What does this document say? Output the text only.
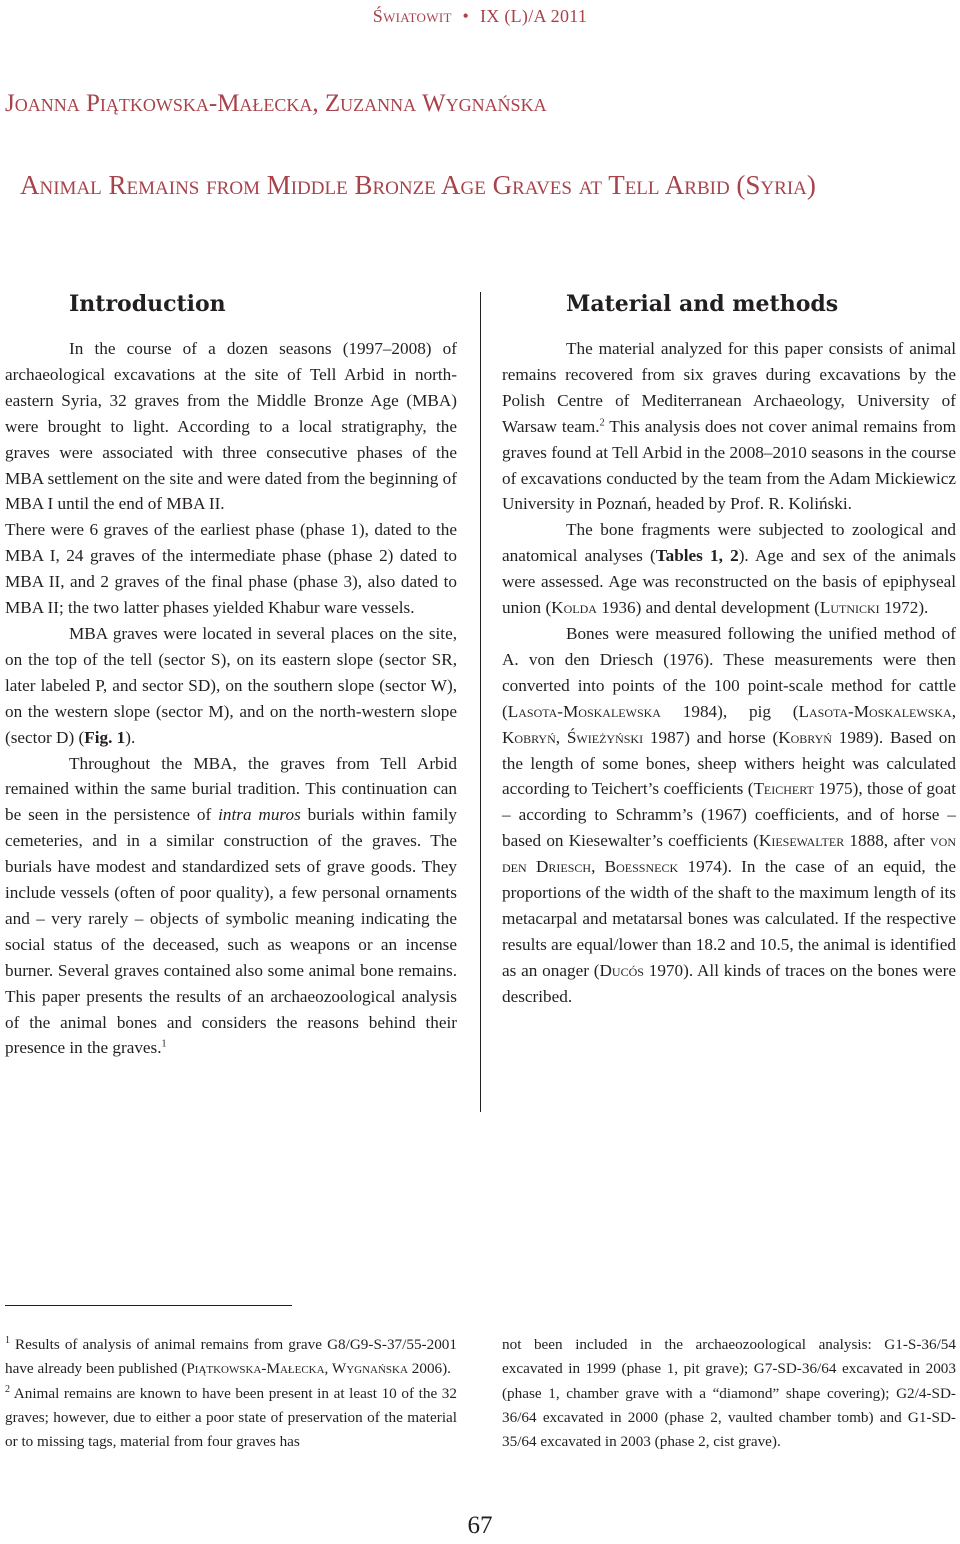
Światowit • IX (L)/A 2011
Joanna Piątkowska-Małecka, Zuzanna Wygnańska
Animal Remains from Middle Bronze Age Graves at Tell Arbid (Syria)
Introduction

In the course of a dozen seasons (1997–2008) of archaeological excavations at the site of Tell Arbid in north-eastern Syria, 32 graves from the Middle Bronze Age (MBA) were brought to light. According to a local stratigraphy, the graves were associated with three consecutive phases of the MBA settlement on the site and were dated from the beginning of MBA I until the end of MBA II.

There were 6 graves of the earliest phase (phase 1), dated to the MBA I, 24 graves of the intermediate phase (phase 2) dated to MBA II, and 2 graves of the final phase (phase 3), also dated to MBA II; the two latter phases yielded Khabur ware vessels.

MBA graves were located in several places on the site, on the top of the tell (sector S), on its eastern slope (sector SR, later labeled P, and sector SD), on the southern slope (sector W), on the western slope (sector M), and on the north-western slope (sector D) (Fig. 1).

Throughout the MBA, the graves from Tell Arbid remained within the same burial tradition. This continuation can be seen in the persistence of intra muros burials within family cemeteries, and in a similar construction of the graves. The burials have modest and standardized sets of grave goods. They include vessels (often of poor quality), a few personal ornaments and – very rarely – objects of symbolic meaning indicating the social status of the deceased, such as weapons or an incense burner. Several graves contained also some animal bone remains. This paper presents the results of an archaeozoological analysis of the animal bones and considers the reasons behind their presence in the graves.$^1$

Material and methods

The material analyzed for this paper consists of animal remains recovered from six graves during excavations by the Polish Centre of Mediterranean Archaeology, University of Warsaw team.$^2$ This analysis does not cover animal remains from graves found at Tell Arbid in the 2008–2010 seasons in the course of excavations conducted by the team from the Adam Mickiewicz University in Poznań, headed by Prof. R. Koliński.

The bone fragments were subjected to zoological and anatomical analyses (Tables 1, 2). Age and sex of the animals were assessed. Age was reconstructed on the basis of epiphyseal union (Kolda 1936) and dental development (Lutnicki 1972).

Bones were measured following the unified method of A. von den Driesch (1976). These measurements were then converted into points of the 100 point-scale method for cattle (Lasota-Moskalewska 1984), pig (Lasota-Moskalewska, Kobryń, Świeżyński 1987) and horse (Kobryń 1989). Based on the length of some bones, sheep withers height was calculated according to Teichert’s coefficients (Teichert 1975), those of goat – according to Schramm’s (1967) coefficients, and of horse – based on Kiesewalter’s coefficients (Kiesewalter 1888, after von den Driesch, Boessneck 1974). In the case of an equid, the proportions of the width of the shaft to the maximum length of its metacarpal and metatarsal bones was calculated. If the respective results are equal/lower than 18.2 and 10.5, the animal is identified as an onager (Ducós 1970). All kinds of traces on the bones were described.

$^1$ Results of analysis of animal remains from grave G8/G9-S-37/55-2001 have already been published (Piątkowska-Małecka, Wygnańska 2006).

$^2$ Animal remains are known to have been present in at least 10 of the 32 graves; however, due to either a poor state of preservation of the material or to missing tags, material from four graves has

not been included in the archaeozoological analysis: G1-S-36/54 excavated in 1999 (phase 1, pit grave); G7-SD-36/64 excavated in 2003 (phase 1, chamber grave with a “diamond” shape covering); G2/4-SD-36/64 excavated in 2000 (phase 2, vaulted chamber tomb) and G1-SD-35/64 excavated in 2003 (phase 2, cist grave).

67
